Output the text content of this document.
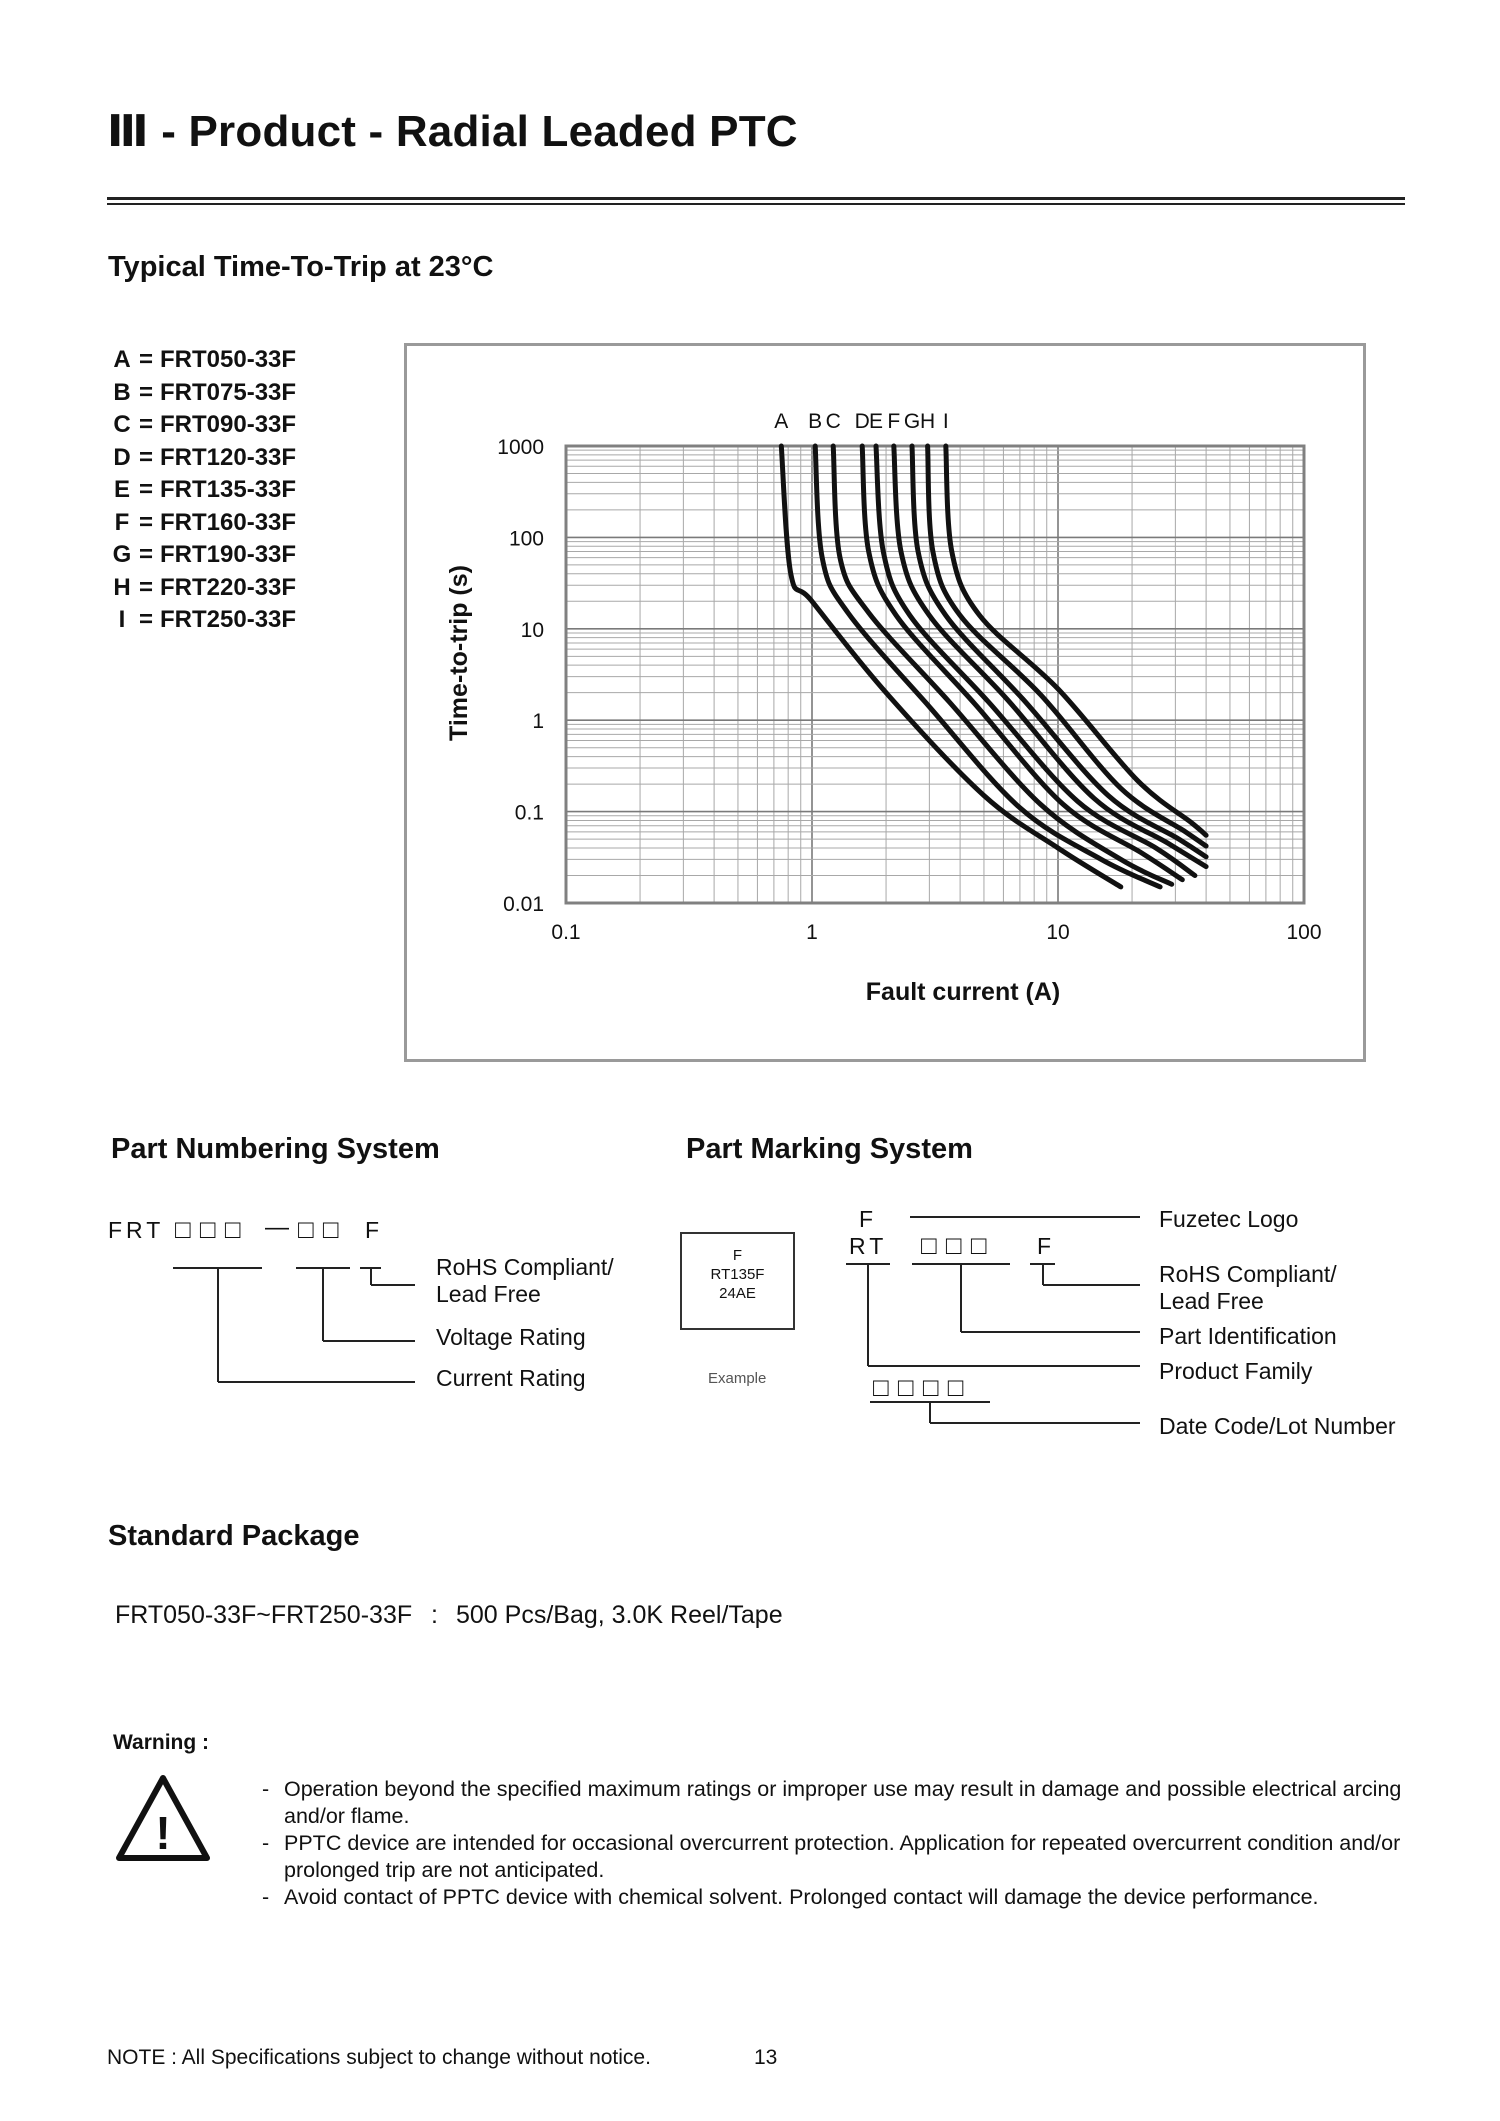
Ⅲ - Product - Radial Leaded PTC
Typical Time-To-Trip at 23°C
A = FRT050-33F
B = FRT075-33F
C = FRT090-33F
D = FRT120-33F
E = FRT135-33F
F = FRT160-33F
G = FRT190-33F
H = FRT220-33F
I = FRT250-33F
1000
100
10
1
0.1
0.01
0.1	1	10	100
A B C D E F G H I
Fault current (A)
Time-to-trip (s)
Part Numbering System
FRT □ □ □ — □ □ F
RoHS Compliant/
Lead Free
Voltage Rating
Current Rating
Part Marking System
F
RT135F
24AE
Example
F
RT □ □ □ F
□ □ □ □
Fuzetec Logo
RoHS Compliant/
Lead Free
Part Identification
Product Family
Date Code/Lot Number
Standard Package
FRT050-33F~FRT250-33F : 500 Pcs/Bag, 3.0K Reel/Tape
Warning :
!
- Operation beyond the specified maximum ratings or improper use may result in damage and possible electrical arcing and/or flame.
- PPTC device are intended for occasional overcurrent protection. Application for repeated overcurrent condition and/or prolonged trip are not anticipated.
- Avoid contact of PPTC device with chemical solvent. Prolonged contact will damage the device performance.
NOTE : All Specifications subject to change without notice.	13
